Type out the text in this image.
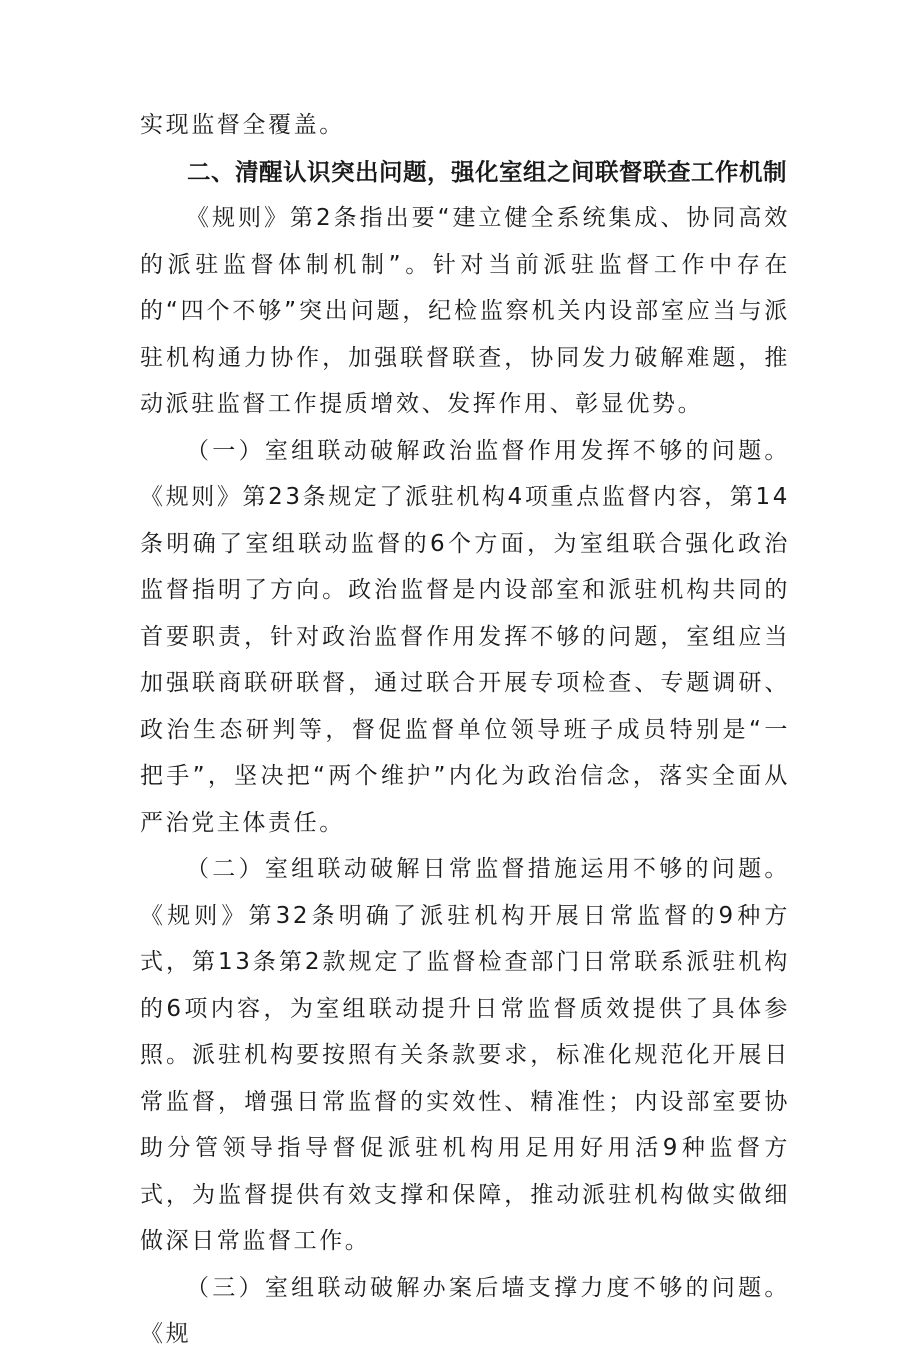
实现监督全覆盖。

二、清醒认识突出问题，强化室组之间联督联查工作机制

《规则》第2条指出要“建立健全系统集成、协同高效的派驻监督体制机制”。针对当前派驻监督工作中存在的“四个不够”突出问题，纪检监察机关内设部室应当与派驻机构通力协作，加强联督联查，协同发力破解难题，推动派驻监督工作提质增效、发挥作用、彰显优势。

（一）室组联动破解政治监督作用发挥不够的问题。《规则》第23条规定了派驻机构4项重点监督内容，第14条明确了室组联动监督的6个方面，为室组联合强化政治监督指明了方向。政治监督是内设部室和派驻机构共同的首要职责，针对政治监督作用发挥不够的问题，室组应当加强联商联研联督，通过联合开展专项检查、专题调研、政治生态研判等，督促监督单位领导班子成员特别是“一把手”，坚决把“两个维护”内化为政治信念，落实全面从严治党主体责任。

（二）室组联动破解日常监督措施运用不够的问题。《规则》第32条明确了派驻机构开展日常监督的9种方式，第13条第2款规定了监督检查部门日常联系派驻机构的6项内容，为室组联动提升日常监督质效提供了具体参照。派驻机构要按照有关条款要求，标准化规范化开展日常监督，增强日常监督的实效性、精准性；内设部室要协助分管领导指导督促派驻机构用足用好用活9种监督方式，为监督提供有效支撑和保障，推动派驻机构做实做细做深日常监督工作。

（三）室组联动破解办案后墙支撑力度不够的问题。《规
